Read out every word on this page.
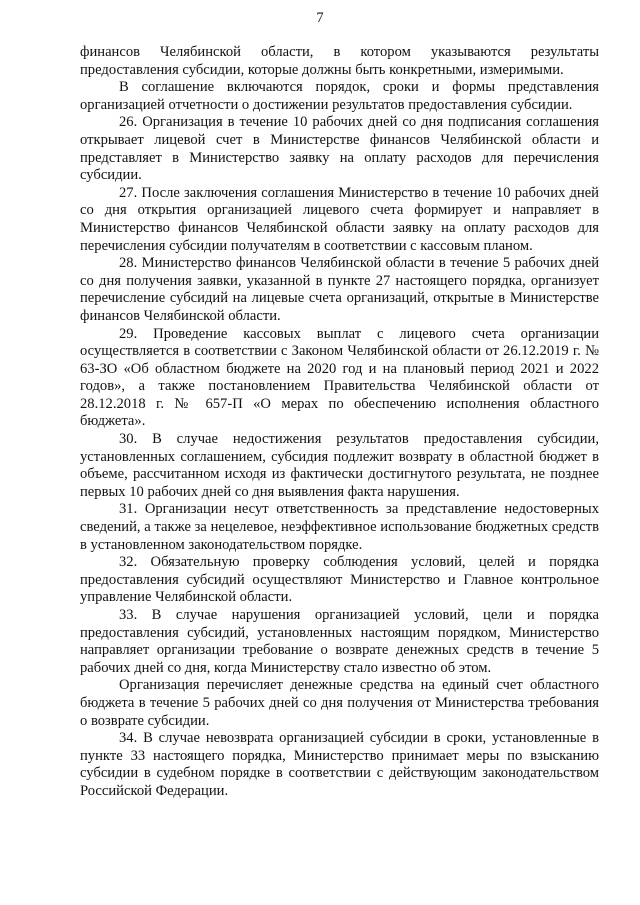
7

финансов Челябинской области, в котором указываются результаты предоставления субсидии, которые должны быть конкретными, измеримыми.

В соглашение включаются порядок, сроки и формы представления организацией отчетности о достижении результатов предоставления субсидии.

26. Организация в течение 10 рабочих дней со дня подписания соглашения открывает лицевой счет в Министерстве финансов Челябинской области и представляет в Министерство заявку на оплату расходов для перечисления субсидии.

27. После заключения соглашения Министерство в течение 10 рабочих дней со дня открытия организацией лицевого счета формирует и направляет в Министерство финансов Челябинской области заявку на оплату расходов для перечисления субсидии получателям в соответствии с кассовым планом.

28. Министерство финансов Челябинской области в течение 5 рабочих дней со дня получения заявки, указанной в пункте 27 настоящего порядка, организует перечисление субсидий на лицевые счета организаций, открытые в Министерстве финансов Челябинской области.

29. Проведение кассовых выплат с лицевого счета организации осуществляется в соответствии с Законом Челябинской области от 26.12.2019 г. № 63-ЗО «Об областном бюджете на 2020 год и на плановый период 2021 и 2022 годов», а также постановлением Правительства Челябинской области от 28.12.2018 г. № 657-П «О мерах по обеспечению исполнения областного бюджета».

30. В случае недостижения результатов предоставления субсидии, установленных соглашением, субсидия подлежит возврату в областной бюджет в объеме, рассчитанном исходя из фактически достигнутого результата, не позднее первых 10 рабочих дней со дня выявления факта нарушения.

31. Организации несут ответственность за представление недостоверных сведений, а также за нецелевое, неэффективное использование бюджетных средств в установленном законодательством порядке.

32. Обязательную проверку соблюдения условий, целей и порядка предоставления субсидий осуществляют Министерство и Главное контрольное управление Челябинской области.

33. В случае нарушения организацией условий, цели и порядка предоставления субсидий, установленных настоящим порядком, Министерство направляет организации требование о возврате денежных средств в течение 5 рабочих дней со дня, когда Министерству стало известно об этом.

Организация перечисляет денежные средства на единый счет областного бюджета в течение 5 рабочих дней со дня получения от Министерства требования о возврате субсидии.

34. В случае невозврата организацией субсидии в сроки, установленные в пункте 33 настоящего порядка, Министерство принимает меры по взысканию субсидии в судебном порядке в соответствии с действующим законодательством Российской Федерации.
